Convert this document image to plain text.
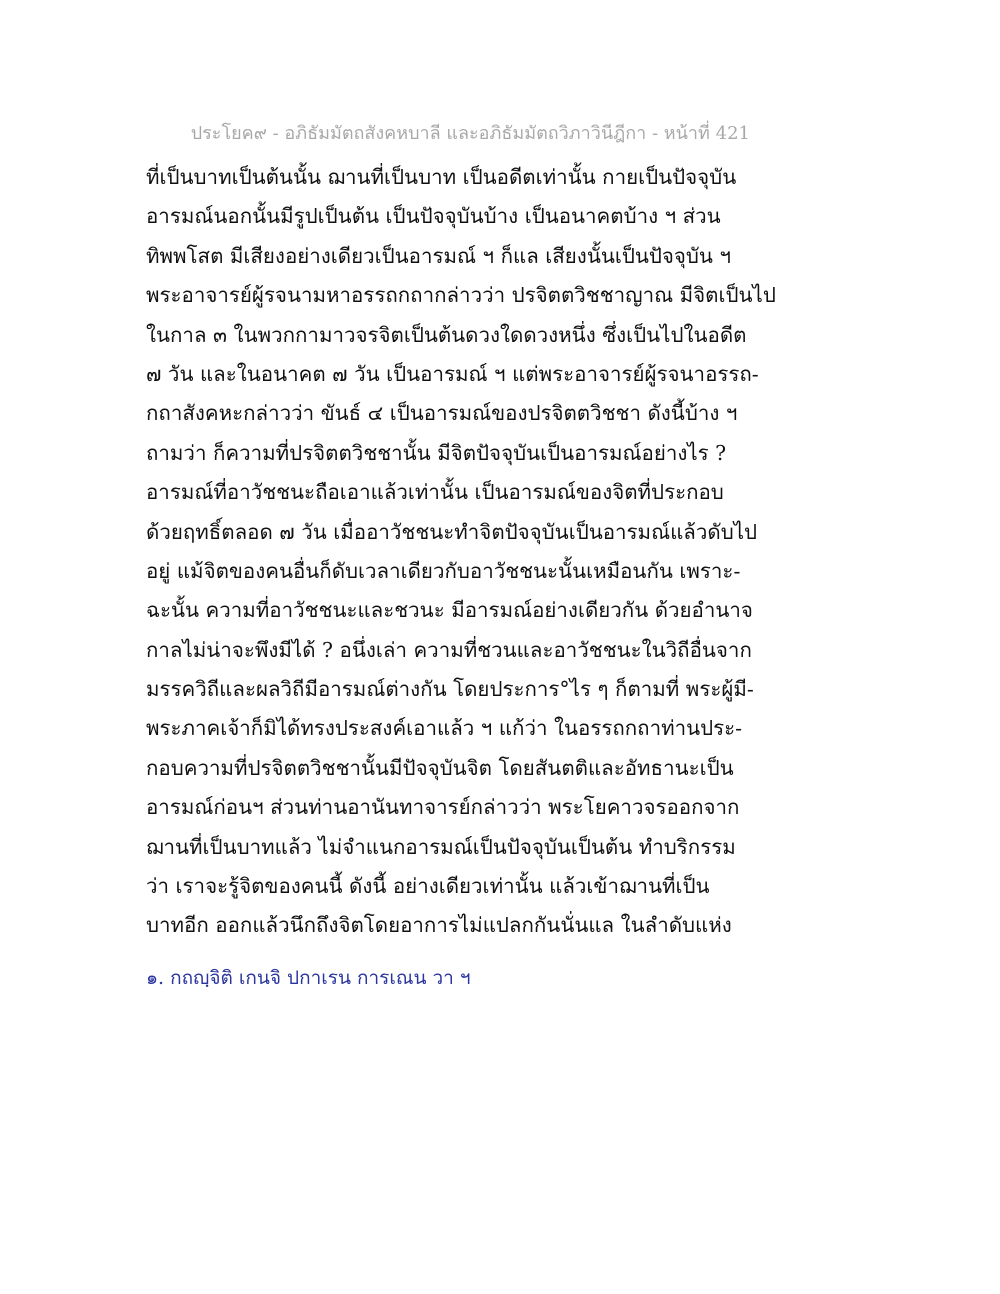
ประโยค๙ - อภิธัมมัตถสังคหบาลี และอภิธัมมัตถวิภาวินีฎีกา - หน้าที่ 421
ที่เป็นบาทเป็นต้นนั้น ฌานที่เป็นบาท เป็นอดีตเท่านั้น กายเป็นปัจจุบัน
อารมณ์นอกนั้นมีรูปเป็นต้น เป็นปัจจุบันบ้าง เป็นอนาคตบ้าง ฯ ส่วน
ทิพพโสต มีเสียงอย่างเดียวเป็นอารมณ์ ฯ ก็แล เสียงนั้นเป็นปัจจุบัน ฯ
พระอาจารย์ผู้รจนามหาอรรถกถากล่าวว่า ปรจิตตวิชชาญาณ มีจิตเป็นไป
ในกาล ๓ ในพวกกามาวจรจิตเป็นต้นดวงใดดวงหนึ่ง ซึ่งเป็นไปในอดีต
๗ วัน และในอนาคต ๗ วัน เป็นอารมณ์ ฯ แต่พระอาจารย์ผู้รจนาอรรถ-
กถาสังคหะกล่าวว่า ขันธ์ ๔ เป็นอารมณ์ของปรจิตตวิชชา ดังนี้บ้าง ฯ
ถามว่า ก็ความที่ปรจิตตวิชชานั้น มีจิตปัจจุบันเป็นอารมณ์อย่างไร ?
อารมณ์ที่อาวัชชนะถือเอาแล้วเท่านั้น เป็นอารมณ์ของจิตที่ประกอบ
ด้วยฤทธิ์ตลอด ๗ วัน เมื่ออาวัชชนะทำจิตปัจจุบันเป็นอารมณ์แล้วดับไป
อยู่ แม้จิตของคนอื่นก็ดับเวลาเดียวกับอาวัชชนะนั้นเหมือนกัน เพราะ-
ฉะนั้น ความที่อาวัชชนะและชวนะ มีอารมณ์อย่างเดียวกัน ด้วยอำนาจ
กาลไม่น่าจะพึงมีได้ ? อนึ่งเล่า ความที่ชวนและอาวัชชนะในวิถีอื่นจาก
มรรควิถีและผลวิถีมีอารมณ์ต่างกัน โดยประการ°ไร ๆ ก็ตามที่ พระผู้มี-
พระภาคเจ้าก็มิได้ทรงประสงค์เอาแล้ว ฯ แก้ว่า ในอรรถกถาท่านประ-
กอบความที่ปรจิตตวิชชานั้นมีปัจจุบันจิต โดยสันตติและอัทธานะเป็น
อารมณ์ก่อนฯ ส่วนท่านอานันทาจารย์กล่าวว่า พระโยคาวจรออกจาก
ฌานที่เป็นบาทแล้ว ไม่จำแนกอารมณ์เป็นปัจจุบันเป็นต้น ทำบริกรรม
ว่า เราจะรู้จิตของคนนี้ ดังนี้ อย่างเดียวเท่านั้น แล้วเข้าฌานที่เป็น
บาทอีก ออกแล้วนึกถึงจิตโดยอาการไม่แปลกกันนั่นแล ในลำดับแห่ง
๑. กถญฺจิติ เกนจิ ปกาเรน การเณน วา ฯ
